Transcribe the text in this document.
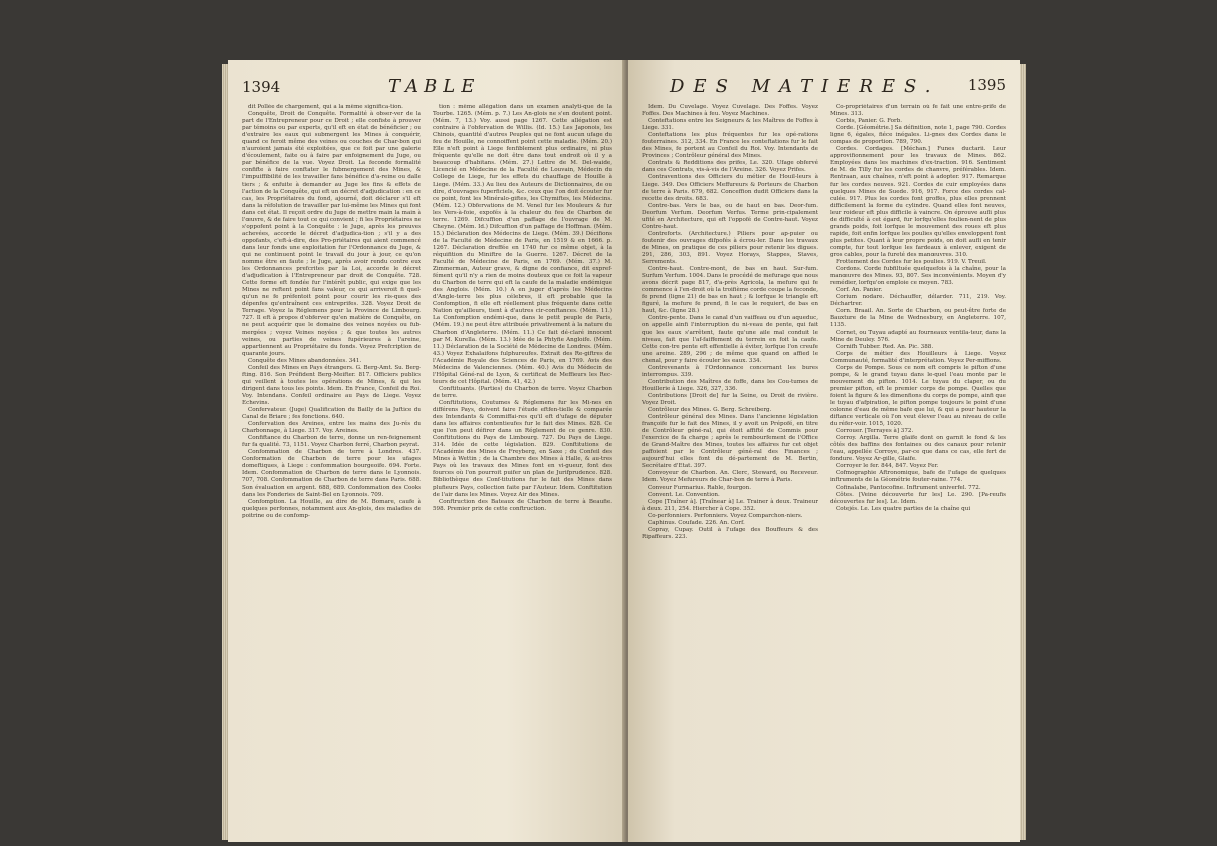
1394	TABLE

dit Pollée de chargement, qui a la même significa-tion.

Conquête, Droit de Conquête. Formalité à obser-ver de la part de l'Entrepreneur pour ce Droit ; elle confiste à prouver par témoins ou par experts, qu'il eft en état de bénéficier ; ou d'extraire les eaux qui submergent les Mines à conquérir, quand ce feroit même des veines ou couches de Char-bon qui n'auroient jamais été exploitées, que ce foit par une galerie d'écoulement, faite ou à faire par enfoignement du Juge, ou par bénéfice de la vue. Voyez Droit. La feconde formalité confifte à faire conftater le fubmergement des Mines, & l'impuiffibilité de les travailler fans bénéfice d'a-reine ou dalle tiers ; & enfuite à demander au Juge les fins & effets de l'action de la Conquête, qui eft un décret d'adjudication : en ce cas, les Propriétaires du fond, ajourné, doit déclarer s'il eft dans la réfolution de travailler par lui-même les Mines qui font dans cet état. Il reçoit ordre du Juge de mettre main la main à l'œuvre, & de faire tout ce qui convient ; fi les Propriétaires ne s'oppofent point à la Conquête : le Juge, après les preuves achevées, accorde le décret d'adjudica-tion ; s'il y a des oppofants, c'eft-à-dire, des Pro-priétaires qui aient commencé dans leur fonds une exploitation fur l'Ordonnance du Juge, & qui ne continuent point le travail du jour à jour, ce qu'on nomme être en faute ; le Juge, après avoir rendu contre eux les Ordonnances prefcrites par la Loi, accorde le décret d'adjudication à l'Entrepreneur par droit de Conquête. 728. Cette forme eft fondée fur l'intérêt public, qui exige que les Mines ne reftent point fans valeur, ce qui arriveroit fi quel-qu'un ne fe préfentoit point pour courir les ris-ques des dépenfes qu'entraînent ces entreprifes. 328. Voyez Droit de Terrage. Voyez la Réglemens pour la Province de Limbourg. 727. Il eft à propos d'obferver qu'en matière de Conquête, on ne peut acquérir que le domaine des veines noyées ou fub-mergées ; voyez Veines noyées ; & que toutes les autres veines, ou parties de veines fupérieures à l'areine, appartiennent au Propriétaire du fonds. Voyez Prefcription de quarante jours.

Conquête des Mines abandonnées. 341.

Confeil des Mines en Pays étrangers. G. Berg-Amt. Su. Berg-fting. 816. Son Préfident Berg-Meifter. 817. Officiers publics qui veillent à toutes les opérations de Mines, & qui les dirigent dans tous les points. Idem. En France, Confeil du Roi. Voy. Intendans. Confeil ordinaire au Pays de Liege. Voyez Echevins.

Confervateur. (Juge) Qualification du Bailly de la Juftice du Canal de Briare ; fes fonctions. 640.

Confervation des Areines, entre les mains des Ju-rés du Charbonnage, à Liege. 317. Voy. Areines.

Confiftance du Charbon de terre, donne un ren-feignement fur fa qualité. 73, 1151. Voyez Charbon ferré, Charbon peyrat.

Confommation de Charbon de terre à Londres. 437. Conformation de Charbon de terre pour les ufages domeftiques, à Liege : confommation bourgeoife. 694. Forte. Idem. Confommation de Charbon de terre dans le Lyonnois. 707, 708. Confommation de Charbon de terre dans Paris. 688. Son évaluation en argent. 688, 689. Confommation des Cooks dans les Fonderies de Saint-Bel en Lyonnois. 709.

Confomption. La Houille, au dire de M. Bomare, caufe à quelques perfonnes, notamment aux An-glois, des maladies de poitrine ou de confomp-

tion : même allégation dans un examen analyti-que de la Tourbe. 1265. (Mém. p. 7.) Les An-glois ne s'en doutent point. (Mém. 7, 13.) Voy. aussi page 1267. Cette allégation est contraire à l'obfervation de Willis. (Id. 15.) Les Japonois, les Chinois, quantité d'autres Peuples qui ne font aucun ufage du feu de Houille, ne connoiffent point cette maladie. (Mém. 20.) Elle n'eft point à Liege fenfiblement plus ordinaire, ni plus fréquente qu'elle ne doit être dans tout endroit où il y a beaucoup d'habitans. (Mém. 27.) Lettre de M. Del-waide, Licencié en Médecine de la Faculté de Louvain, Médecin du College de Liege, fur les effets du chauffage de Houille à Liege. (Mém. 33.) Au lieu des Auteurs de Dictionnaires, de ou dire, d'ouvrages fuperficiels, &c. ceux que l'on doit écouter fur ce point, font les Minéralo-giftes, les Chymiftes, les Médecins. (Mém. 12.) Obfervations de M. Venel fur les Mouleurs & fur les Vers-à-foie, expofés à la chaleur du feu de Charbon de terre. 1269. Difcuffion d'un paffage de l'ouvrage de M. Cheyne. (Mém. Id.) Difcuffion d'un paffage de Hoffman. (Mém. 15.) Déclaration des Médecins de Liege. (Mém. 39.) Décifions de la Faculté de Médecine de Paris, en 1519 & en 1666. p. 1267. Déclaration dreffée en 1740 fur ce même objet, à la réquifition du Miniftre de la Guerre. 1267. Décret de la Faculté de Médecine de Paris, en 1769. (Mém. 37.) M. Zimmerman, Auteur grave, & digne de confiance, dit expref-fément qu'il n'y a rien de moins douteux que ce foit la vapeur du Charbon de terre qui eft la caufe de la maladie endémique des Anglois. (Mém. 10.) A en juger d'après les Médecins d'Angle-terre les plus célebres, il eft probable que la Confomption, fi elle eft réellement plus fréquente dans cette Nation qu'ailleurs, tient à d'autres cir-conftances. (Mém. 11.) La Confomption endémi-que, dans le petit peuple de Paris, (Mém. 19.) ne peut être attribuée privativement à la nature du Charbon d'Angleterre. (Mém. 11.) Ce fait dé-claré innocent par M. Kurella. (Mém. 13.) Idée de la Phtyfie Angloife. (Mém. 11.) Déclaration de la Société de Médecine de Londres. (Mém. 43.) Voyez Exhalaifons fulphureufes. Extrait des Re-giftres de l'Académie Royale des Sciences de Paris, en 1769. Avis des Médecins de Valenciennes. (Mém. 40.) Avis du Médecin de l'Hôpital Géné-ral de Lyon, & certificat de Meffieurs les Rec-teurs de cet Hôpital. (Mém. 41, 42.)

Conftituants. (Parties) du Charbon de terre. Voyez Charbon de terre.

Conftitutions, Coutumes & Réglemens fur les Mi-nes en différens Pays, doivent faire l'étude eftfen-tielle & comparée des Intendants & Commiffai-res qu'il eft d'ufage de députer dans les affaires contentieufes fur le fait des Mines. 828. Ce que l'on peut défirer dans un Réglement de ce genre. 830. Conftitutions du Pays de Limbourg. 727. Du Pays de Liege. 314. Idée de cette législation. 829. Conftitutions de l'Académie des Mines de Freyberg, en Saxe ; du Confeil des Mines à Wettin ; de la Chambre des Mines à Halle, & au-tres Pays où les travaux des Mines font en vi-gueur, font des fources où l'on pourroit puifer un plan de Jurifprudence. 828. Bibliothèque des Conf-titutions fur le fait des Mines dans plufieurs Pays, collection faite par l'Auteur. Idem. Conftitution de l'air dans les Mines. Voyez Air des Mines.

Conftruction des Bateaux de Charbon de terre à Beaufie. 598. Premier prix de cette conftruction.

DES MATIERES. 1395

Idem. Du Cuvelage. Voyez Cuvelage. Des Foffes. Voyez Foffes. Des Machines à feu. Voyez Machines.

Conteftations entre les Seigneurs & les Maîtres de Foffes à Liege. 331.

Conteftations les plus fréquentes fur les opé-rations fouterraines. 312, 334. En France les conteftations fur le fait des Mines, fe portent au Confeil du Roi. Voy. Intendants de Provinces ; Contrôleur général des Mines.

Contrats & Redditions des prifes, Le. 320. Ufage obfervé dans ces Contrats, vis-à-vis de l'Areine. 326. Voyez Prifes.

Contraventions des Officiers du métier de Houil-leurs à Liege. 349. Des Officiers Meffureurs & Porteurs de Charbon de terre à Paris. 679, 682. Conceffion dudit Officiers dans la recette des droits. 683.

Contre-bas. Vers le bas, ou de haut en bas. Deor-fum. Deorfum Verfum. Deorfum Verfus. Terme prin-cipalement ufité en Architecture, qui eft l'oppofé de Contre-haut. Voyez Contre-haut.

Contreforts. (Architecture.) Piliers pour ap-puier ou foutenir des ouvrages difpofés à écrou-ler. Dans les travaux de Mines, on pratique de ces piliers pour retenir les digues. 291, 286, 303, 891. Voyez Horays, Stappes, Staves, Serrements.

Contre-haut. Contre-mont, de bas en haut. Sur-fum. Surfum Verfum. 1004. Dans le procédé de mefurage que nous avons décrit page 817, d'a-près Agricola, la mefure qui fe commence à l'en-droit où la troifième corde coupe la feconde, fe prend (ligne 21) de bas en haut ; & lorfque le triangle eft figuré, la mefure fe prend, fi le cas le requiert, de bas en haut, &c. (ligne 28.)

Contre-pente. Dans le canal d'un vaiffeau ou d'un aqueduc, on appelle ainfi l'interruption du ni-veau de pente, qui fait que les eaux s'arrêtent, faute qu'une aile mal conduit le niveau, fait que l'af-faiffement du terrein en foit la caufe. Cette con-tre pente eft effentielle à éviter, lorfque l'on creufe une areine. 289, 296 ; de même que quand on affied le chenal, pour y faire écouler les eaux. 334.

Contrevenants à l'Ordonnance concernant les bures interrompus. 339.

Contribution des Maîtres de foffe, dans les Cou-tumes de Houillerie à Liege. 326, 327, 336.

Contributions [Droit de] fur la Seine, ou Droit de rivière. Voyez Droit.

Contrôleur des Mines. G. Berg. Schreiberg.

Contrôleur général des Mines. Dans l'ancienne législation françoife fur le fait des Mines, il y avoit un Prépofé, en titre de Contrôleur géné-ral, qui étoit affifté de Commis pour l'exercice de fa charge ; après le rembourfement de l'Office de Grand-Maître des Mines, toutes les affaires fur cet objet paffoient par le Contrôleur géné-ral des Finances ; aujourd'hui elles font du dé-partement de M. Bertin, Secrétaire d'Etat. 397.

Convoyeur de Charbon. An. Clerc, Steward, ou Receveur. Idem. Voyez Mefureurs de Char-bon de terre à Paris.

Conveur Furmarius. Rable, fourgon.

Convent. Le. Convention.

Cope [Traîner à]. [Traînear à] Le. Trainer à deux. Traineur à deux. 211, 254. Hiercher à Cope. 352.

Co-perfonniers. Perfonniers. Voyez Comparchon-niers.

Caphinus. Coufade. 226. An. Corf.

Copray, Cupay. Outil à l'ufage des Bouffeurs & des Ripaffeurs. 223.

Co-propriétaires d'un terrain où fe fait une entre-prife de Mines. 313.

Corbis, Panier. G. Forb.

Corde. [Géométrie.] Sa définition, note 1, page 790. Cordes ligne 6, égales, fiéce inégales. Li-gnes des Cordes dans le compas de proportion. 789, 790.

Cordes. Cordages. [Méchan.] Funes ductarii. Leur approvifionnement pour les travaux de Mines. 862. Employées dans les machines d'ex-traction. 916. Sentiment de M. de Tilly fur les cordes de chanvre, préférables. Idem. Rentraan, aux chaînes, n'eft point à adopter. 917. Remarque fur les cordes neuves. 921. Cordes de cuir employées dans quelques Mines de Suede. 916, 917. Force des cordes cal-culée. 917. Plus les cordes font groffes, plus elles prennent difficilement la forme du cylindre. Quand elles font neuves, leur roideur eft plus difficile à vaincre. On éprouve aufli plus de difficulté à cet égard, fur lorfqu'elles foulien-nent de plus grands poids, foit lorfque le mouvement des roues eft plus rapide, foit enfin lorfque les poulies qu'elles enveloppent font plus petites. Quant à leur propre poids, on doit aufli en tenir compte, fur tout lorfque les fardeaux à enlever, exigent de gros cables, pour la fureté des manœuvres. 310.

Frottement des Cordes fur les poulies. 919. V. Treuil.

Cordons. Corde fubfiltuée quelquefois à la chaîne, pour la manœuvre des Mines. 93, 807. Ses inconvénients. Moyen d'y remédier, lorfqu'on emploie ce moyen. 783.

Corf. An. Panier.

Corium nodare. Déchauffer, délarder. 711, 219. Voy. Déchartrer.

Corn. Braail. An. Sorte de Charbon, ou peut-être forte de Bauxture de la Mine de Wednesbury, en Angleterre. 107, 1135.

Cornet, ou Tuyau adapté au fourneaux ventila-teur, dans la Mine de Deuley. 576.

Cornifh Tubber. Red. An. Pic. 388.

Corps de métier des Houilleurs à Liege. Voyez Communauté, formalité d'interprétation. Voyez Per-miffions.

Corps de Pompe. Sous ce nom eft compris le pifton d'une pompe, & le grand tuyau dans le-quel l'eau monte par le mouvement du pifton. 1014. Le tuyau du claper, ou du premier pifton, eft le premier corps de pompe. Quelles que foient la figure & les dimenfions du corps de pompe, ainfi que le tuyau d'afpiration, le pifton pompe toujours le point d'une colonne d'eau de même bafe que lui, & qui a pour hauteur la diftance verticale où l'on veut élever l'eau au niveau de celle du réfer-voir. 1015, 1020.

Corrouer. [Terrayes à] 372.

Corroy. Argilla. Terre glaife dont on garnit le fond & les côtés des baffins des fontaines ou des canaux pour retenir l'eau, appellée Corroye, par-ce que dans ce cas, elle fert de fondure. Voyez Ar-gille, Glaife.

Corroyer le fer. 844, 847. Voyez Fer.

Cofmographie Aftronomique, bafe de l'ufage de quelques inftruments de la Géométrie fouter-raine. 774.

Cofinalabe, Pantocofine. Inftrument univerfel. 772.

Côtes. [Veine découverte fur les] Le. 290. [Pa-reufis découvertes fur les]. Le. Idem.

Cotejés. Le. Les quatre parties de la chaîne qui
